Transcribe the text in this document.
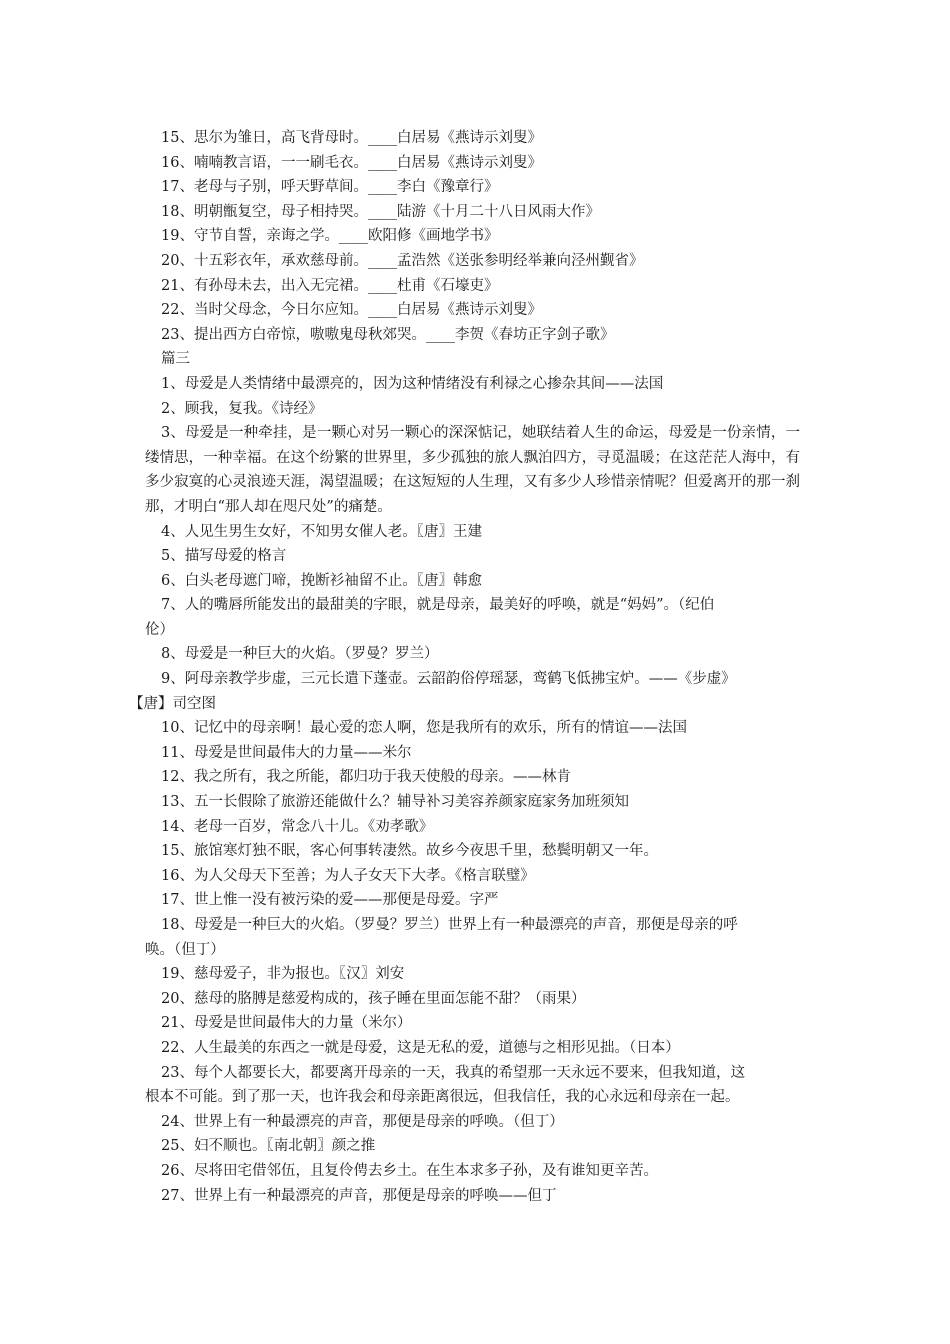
15、思尔为雏日，高飞背母时。____白居易《燕诗示刘叟》
16、喃喃教言语，一一刷毛衣。____白居易《燕诗示刘叟》
17、老母与子别，呼天野草间。____李白《豫章行》
18、明朝甑复空，母子相持哭。____陆游《十月二十八日风雨大作》
19、守节自誓，亲诲之学。____欧阳修《画地学书》
20、十五彩衣年，承欢慈母前。____孟浩然《送张参明经举兼向泾州觐省》
21、有孙母未去，出入无完裙。____杜甫《石壕吏》
22、当时父母念，今日尔应知。____白居易《燕诗示刘叟》
23、提出西方白帝惊，嗷嗷鬼母秋郊哭。____李贺《春坊正字剑子歌》
篇三
1、母爱是人类情绪中最漂亮的，因为这种情绪没有利禄之心掺杂其间——法国
2、顾我，复我。《诗经》
3、母爱是一种牵挂，是一颗心对另一颗心的深深惦记，她联结着人生的命运，母爱是一份亲情，一缕情思，一种幸福。在这个纷繁的世界里，多少孤独的旅人飘泊四方，寻觅温暖；在这茫茫人海中，有多少寂寞的心灵浪迹天涯，渴望温暖；在这短短的人生理，又有多少人珍惜亲情呢？但爱离开的那一刹那，才明白“那人却在咫尺处”的痛楚。
4、人见生男生女好，不知男女催人老。〖唐〗王建
5、描写母爱的格言
6、白头老母遮门啼，挽断衫袖留不止。〖唐〗韩愈
7、人的嘴唇所能发出的最甜美的字眼，就是母亲，最美好的呼唤，就是“妈妈”。（纪伯
伦）
8、母爱是一种巨大的火焰。（罗曼？罗兰）
9、阿母亲教学步虚，三元长遣下蓬壶。云韶韵俗停瑶瑟，鸾鹤飞低拂宝炉。——《步虚》
【唐】司空图
10、记忆中的母亲啊！最心爱的恋人啊，您是我所有的欢乐，所有的情谊——法国
11、母爱是世间最伟大的力量——米尔
12、我之所有，我之所能，都归功于我天使般的母亲。——林肯
13、五一长假除了旅游还能做什么？辅导补习美容养颜家庭家务加班须知
14、老母一百岁，常念八十儿。《劝孝歌》
15、旅馆寒灯独不眠，客心何事转凄然。故乡今夜思千里，愁鬓明朝又一年。
16、为人父母天下至善；为人子女天下大孝。《格言联璧》
17、世上惟一没有被污染的爱——那便是母爱。字严
18、母爱是一种巨大的火焰。（罗曼？罗兰）世界上有一种最漂亮的声音，那便是母亲的呼
唤。（但丁）
19、慈母爱子，非为报也。〖汉〗刘安
20、慈母的胳膊是慈爱构成的，孩子睡在里面怎能不甜？（雨果）
21、母爱是世间最伟大的力量（米尔）
22、人生最美的东西之一就是母爱，这是无私的爱，道德与之相形见拙。（日本）
23、每个人都要长大，都要离开母亲的一天，我真的希望那一天永远不要来，但我知道，这
根本不可能。到了那一天，也许我会和母亲距离很远，但我信任，我的心永远和母亲在一起。
24、世界上有一种最漂亮的声音，那便是母亲的呼唤。（但丁）
25、妇不顺也。〖南北朝〗颜之推
26、尽将田宅借邻伍，且复伶俜去乡土。在生本求多子孙，及有谁知更辛苦。
27、世界上有一种最漂亮的声音，那便是母亲的呼唤——但丁
